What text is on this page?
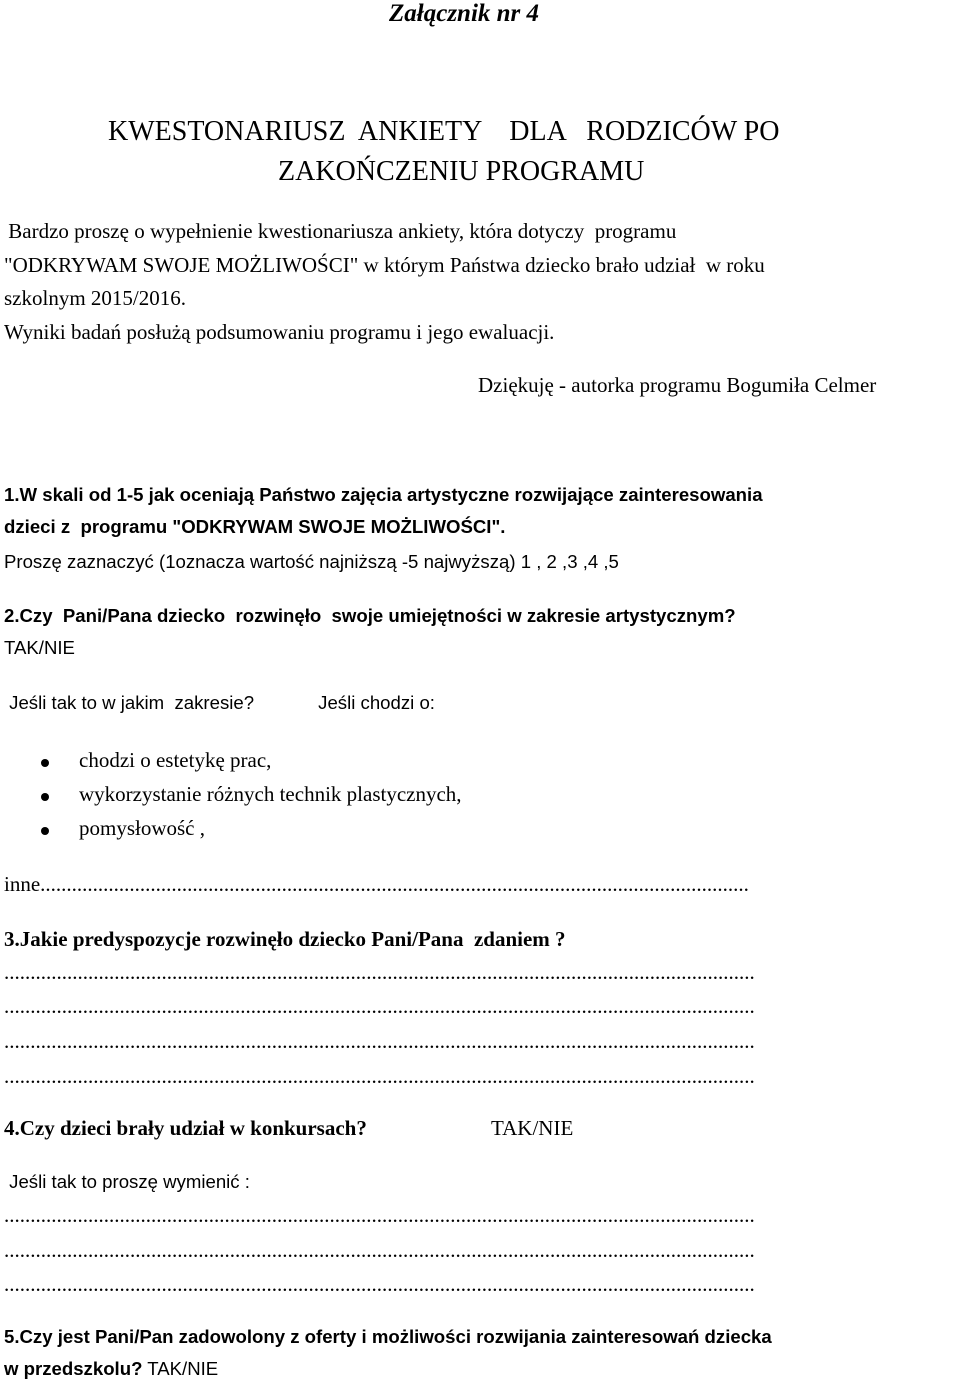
Załącznik nr 4
KWESTONARIUSZ  ANKIETY    DLA   RODZICÓW PO
ZAKOŃCZENIU PROGRAMU
Bardzo proszę o wypełnienie kwestionariusza ankiety, która dotyczy  programu
"ODKRYWAM SWOJE MOŻLIWOŚCI" w którym Państwa dziecko brało udział  w roku
szkolnym 2015/2016.
Wyniki badań posłużą podsumowaniu programu i jego ewaluacji.
Dziękuję - autorka programu Bogumiła Celmer
1.W skali od 1-5 jak oceniają Państwo zajęcia artystyczne rozwijające zainteresowania
dzieci z  programu "ODKRYWAM SWOJE MOŻLIWOŚCI".
Proszę zaznaczyć (1oznacza wartość najniższą -5 najwyższą) 1 , 2 ,3 ,4 ,5
2.Czy  Pani/Pana dziecko  rozwinęło  swoje umiejętności w zakresie artystycznym?
TAK/NIE
Jeśli tak to w jakim  zakresie?	Jeśli chodzi o:
chodzi o estetykę prac,
wykorzystanie różnych technik plastycznych,
pomysłowość ,
inne.......................................................................................................................................
3.Jakie predyspozycje rozwinęło dziecko Pani/Pana  zdaniem ?
...............................................................................................................................................
...............................................................................................................................................
...............................................................................................................................................
...............................................................................................................................................
4.Czy dzieci brały udział w konkursach?	TAK/NIE
Jeśli tak to proszę wymienić :
...............................................................................................................................................
...............................................................................................................................................
...............................................................................................................................................
5.Czy jest Pani/Pan zadowolony z oferty i możliwości rozwijania zainteresowań dziecka
w przedszkolu? TAK/NIE
